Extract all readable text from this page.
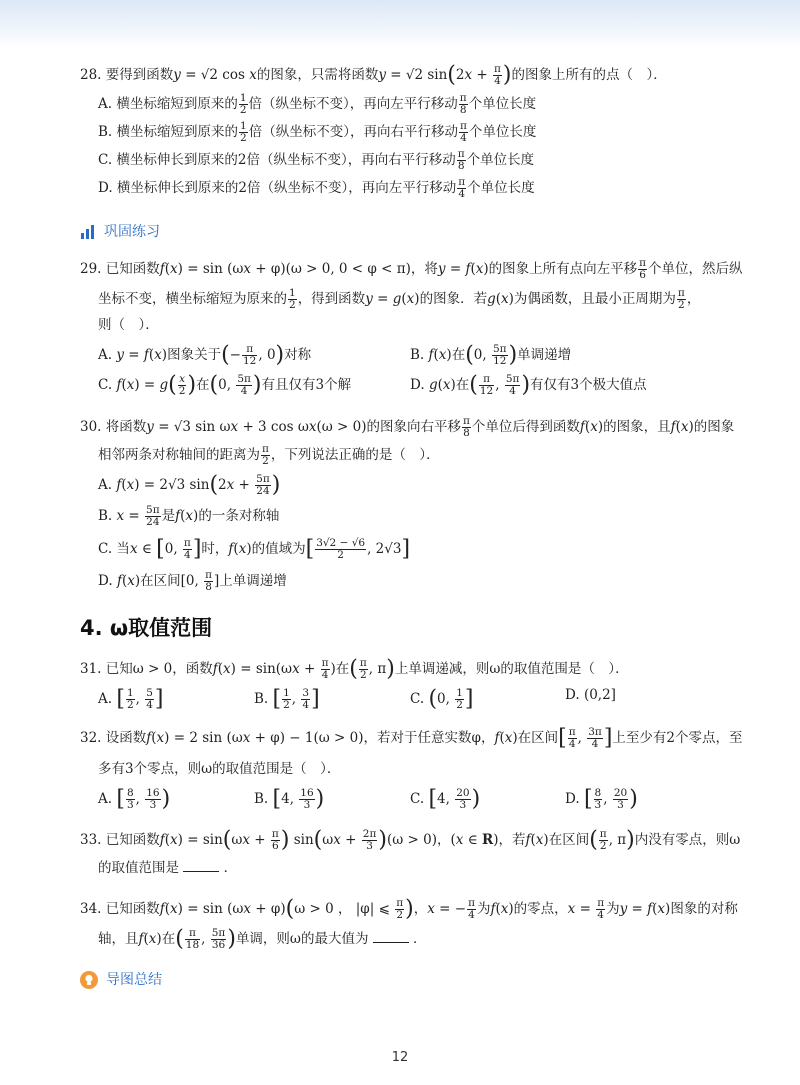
28. 要得到函数y = √2 cos x的图象，只需将函数y = √2 $\sin(2x + \frac{\pi}{4}$ )的图象上所有的点（　）．
A. 横坐标缩短到原来的 $\frac{1}{2}$ 倍（纵坐标不变），再向左平行移动 $\frac{\pi}{8}$ 个单位长度
B. 横坐标缩短到原来的 $\frac{1}{2}$ 倍（纵坐标不变），再向右平行移动 $\frac{\pi}{4}$ 个单位长度
C. 横坐标伸长到原来的2倍（纵坐标不变），再向右平行移动 $\frac{\pi}{8}$ 个单位长度
D. 横坐标伸长到原来的2倍（纵坐标不变），再向左平行移动 $\frac{\pi}{4}$ 个单位长度
巩固练习
29. 已知函数f(x) = sin (ωx + φ)(ω > 0, 0 < φ < π)，将y = f(x)的图象上所有点向左平移 $\frac{\pi}{6}$ 个单位，然后纵
坐标不变，横坐标缩短为原来的 $\frac{1}{2}$ ，得到函数y = g(x)的图象．若g(x)为偶函数，且最小正周期为 $\frac{\pi}{2}$ ，
则（　）．
A. y = f(x)图象关于(− $\frac{\pi}{12}$ , 0)对称	B. f(x)在(0, $\frac{5\pi}{12}$ )单调递增
C. $f(x) = g( \frac{x}{2}$ )在(0, $\frac{5\pi}{4}$ )有且仅有3个解	D. g(x)在( $\frac{\pi}{12}$ , $\frac{5\pi}{4}$ )有仅有3个极大值点
30. 将函数y = √3 sin ωx + 3 cos ωx(ω > 0)的图象向右平移 $\frac{\pi}{8}$ 个单位后得到函数f(x)的图象，且f(x)的图象
相邻两条对称轴间的距离为 $\frac{\pi}{2}$ ，下列说法正确的是（　）．
A. f(x) = 2√3 $\sin(2x + \frac{5\pi}{24}$ )
B. $x = \frac{5\pi}{24}$ 是f(x)的一条对称轴
C. 当x ∈ [0, $\frac{\pi}{4}$ ]时，f(x)的值域为[ $\frac{3√2 - √6}{2}$ , 2√3]
D. f(x)在区间[0, $\frac{\pi}{8}$ ]上单调递增
4. ω取值范围
31. 已知ω > 0，函数$f(x) = \sin(\omega x + \frac{\pi}{4}$ )在( $\frac{\pi}{2}$ , π)上单调递减，则ω的取值范围是（　）．
A. [ $\frac{1}{2}$ , $\frac{5}{4}$ ]	B. [ $\frac{1}{2}$ , $\frac{3}{4}$ ]	C. (0, $\frac{1}{2}$ ]	D. (0,2]
32. 设函数f(x) = 2 sin (ωx + φ) − 1(ω > 0)，若对于任意实数φ，f(x)在区间[ $\frac{\pi}{4}$ , $\frac{3\pi}{4}$ ]上至少有2个零点，至
多有3个零点，则ω的取值范围是（　）．
A. [ $\frac{8}{3}$ , $\frac{16}{3}$ )	B. [4, $\frac{16}{3}$ )	C. [4, $\frac{20}{3}$ )	D. [ $\frac{8}{3}$ , $\frac{20}{3}$ )
33. 已知函数$f(x) = \sin(\omega x + \frac{\pi}{6}$ ) $\sin(\omega x + \frac{2\pi}{3} )(\omega > 0)$，(x ∈ R)，若f(x)在区间( $\frac{\pi}{2}$ , π)内没有零点，则ω
的取值范围是	．
34. 已知函数f(x) = sin (ωx + φ)(ω > 0 ， |φ| ⩽ $\frac{\pi}{2}$ )，x = − $\frac{\pi}{4}$ 为f(x)的零点，$x = \frac{\pi}{4}$ 为y = f(x)图象的对称
轴，且f(x)在( $\frac{\pi}{18}$ , $\frac{5\pi}{36}$ )单调，则ω的最大值为	．
导图总结
12
